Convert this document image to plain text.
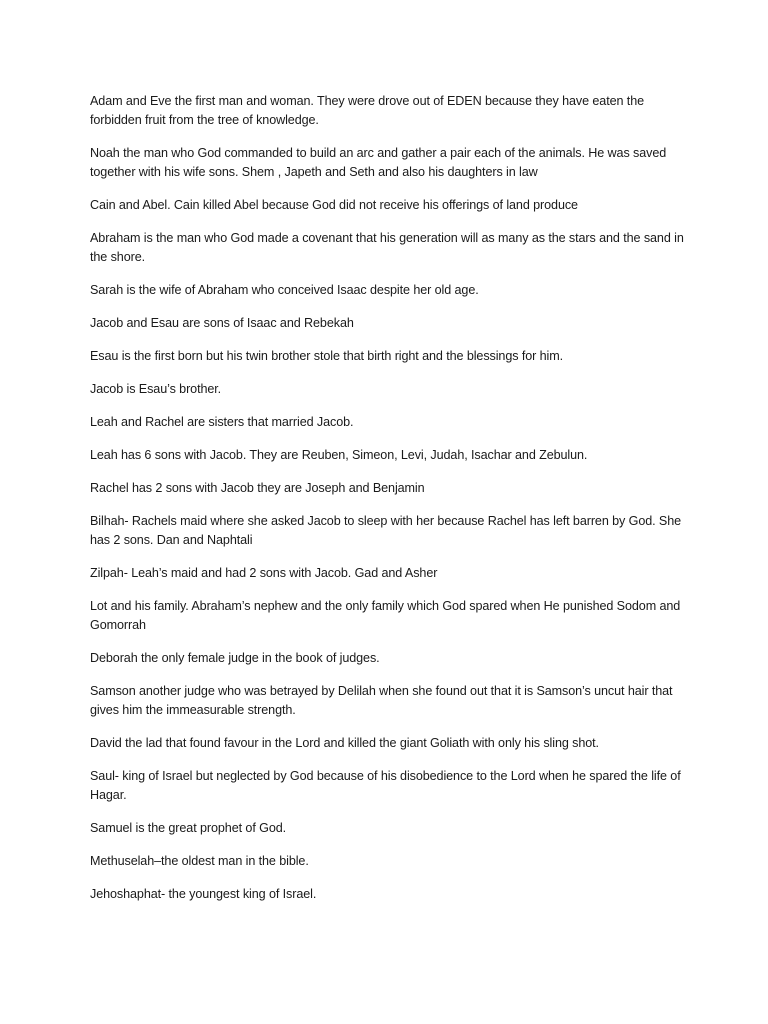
Adam and Eve the first man and woman. They were drove out of EDEN because they have eaten the forbidden fruit from the tree of knowledge.

Noah the man who God commanded to build an arc and gather a pair each of the animals. He was saved together with his wife sons. Shem , Japeth and Seth and also his daughters in law

Cain and Abel. Cain killed Abel because God did not receive his offerings of land produce

Abraham is the man who God made a covenant that his generation will as many as the stars and the sand in the shore.

Sarah is the wife of Abraham who conceived Isaac despite her old age.

Jacob and Esau are sons of Isaac and Rebekah

Esau is the first born but his twin brother stole that birth right and the blessings for him.

Jacob is Esau’s brother.

Leah and Rachel are sisters that married Jacob.

Leah has 6 sons with Jacob. They are Reuben, Simeon, Levi, Judah, Isachar and Zebulun.

Rachel has 2 sons with Jacob they are Joseph and Benjamin

Bilhah- Rachels maid where she asked Jacob to sleep with her because Rachel has left barren by God. She has 2 sons. Dan and Naphtali

Zilpah- Leah’s maid and had 2 sons with Jacob. Gad and Asher

Lot and his family. Abraham’s nephew and the only family which God spared when He punished Sodom and Gomorrah

Deborah the only female judge in the book of judges.

Samson another judge who was betrayed by Delilah when she found out that it is Samson’s uncut hair that gives him the immeasurable strength.

David the lad that found favour in the Lord and killed the giant Goliath with only his sling shot.

Saul- king of Israel but neglected by God because of his disobedience to the Lord when he spared the life of Hagar.

Samuel is the great prophet of God.

Methuselah–the oldest man in the bible.

Jehoshaphat- the youngest king of Israel.
